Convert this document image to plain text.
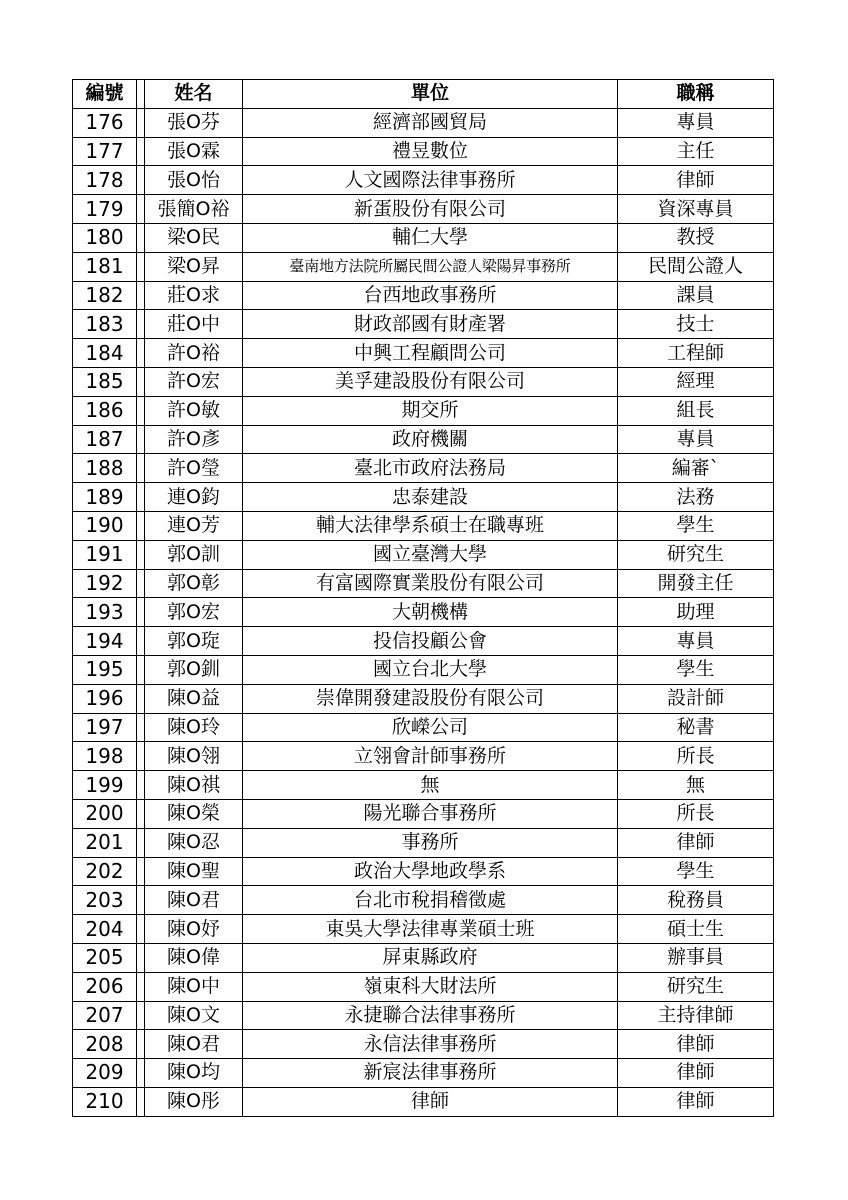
編號		姓名	單位	職稱
176		張O芬	經濟部國貿局	專員
177		張O霖	禮昱數位	主任
178		張O怡	人文國際法律事務所	律師
179		張簡O裕	新蛋股份有限公司	資深專員
180		梁O民	輔仁大學	教授
181		梁O昇	臺南地方法院所屬民間公證人梁陽昇事務所	民間公證人
182		莊O求	台西地政事務所	課員
183		莊O中	財政部國有財產署	技士
184		許O裕	中興工程顧問公司	工程師
185		許O宏	美孚建設股份有限公司	經理
186		許O敏	期交所	組長
187		許O彥	政府機關	專員
188		許O瑩	臺北市政府法務局	編審`
189		連O鈞	忠泰建設	法務
190		連O芳	輔大法律學系碩士在職專班	學生
191		郭O訓	國立臺灣大學	研究生
192		郭O彰	有富國際實業股份有限公司	開發主任
193		郭O宏	大朝機構	助理
194		郭O琁	投信投顧公會	專員
195		郭O釧	國立台北大學	學生
196		陳O益	崇偉開發建設股份有限公司	設計師
197		陳O玲	欣嶸公司	秘書
198		陳O翎	立翎會計師事務所	所長
199		陳O祺	無	無
200		陳O榮	陽光聯合事務所	所長
201		陳O忍	事務所	律師
202		陳O聖	政治大學地政學系	學生
203		陳O君	台北市稅捐稽徵處	稅務員
204		陳O妤	東吳大學法律專業碩士班	碩士生
205		陳O偉	屏東縣政府	辦事員
206		陳O中	嶺東科大財法所	研究生
207		陳O文	永捷聯合法律事務所	主持律師
208		陳O君	永信法律事務所	律師
209		陳O均	新宸法律事務所	律師
210		陳O彤	律師	律師
